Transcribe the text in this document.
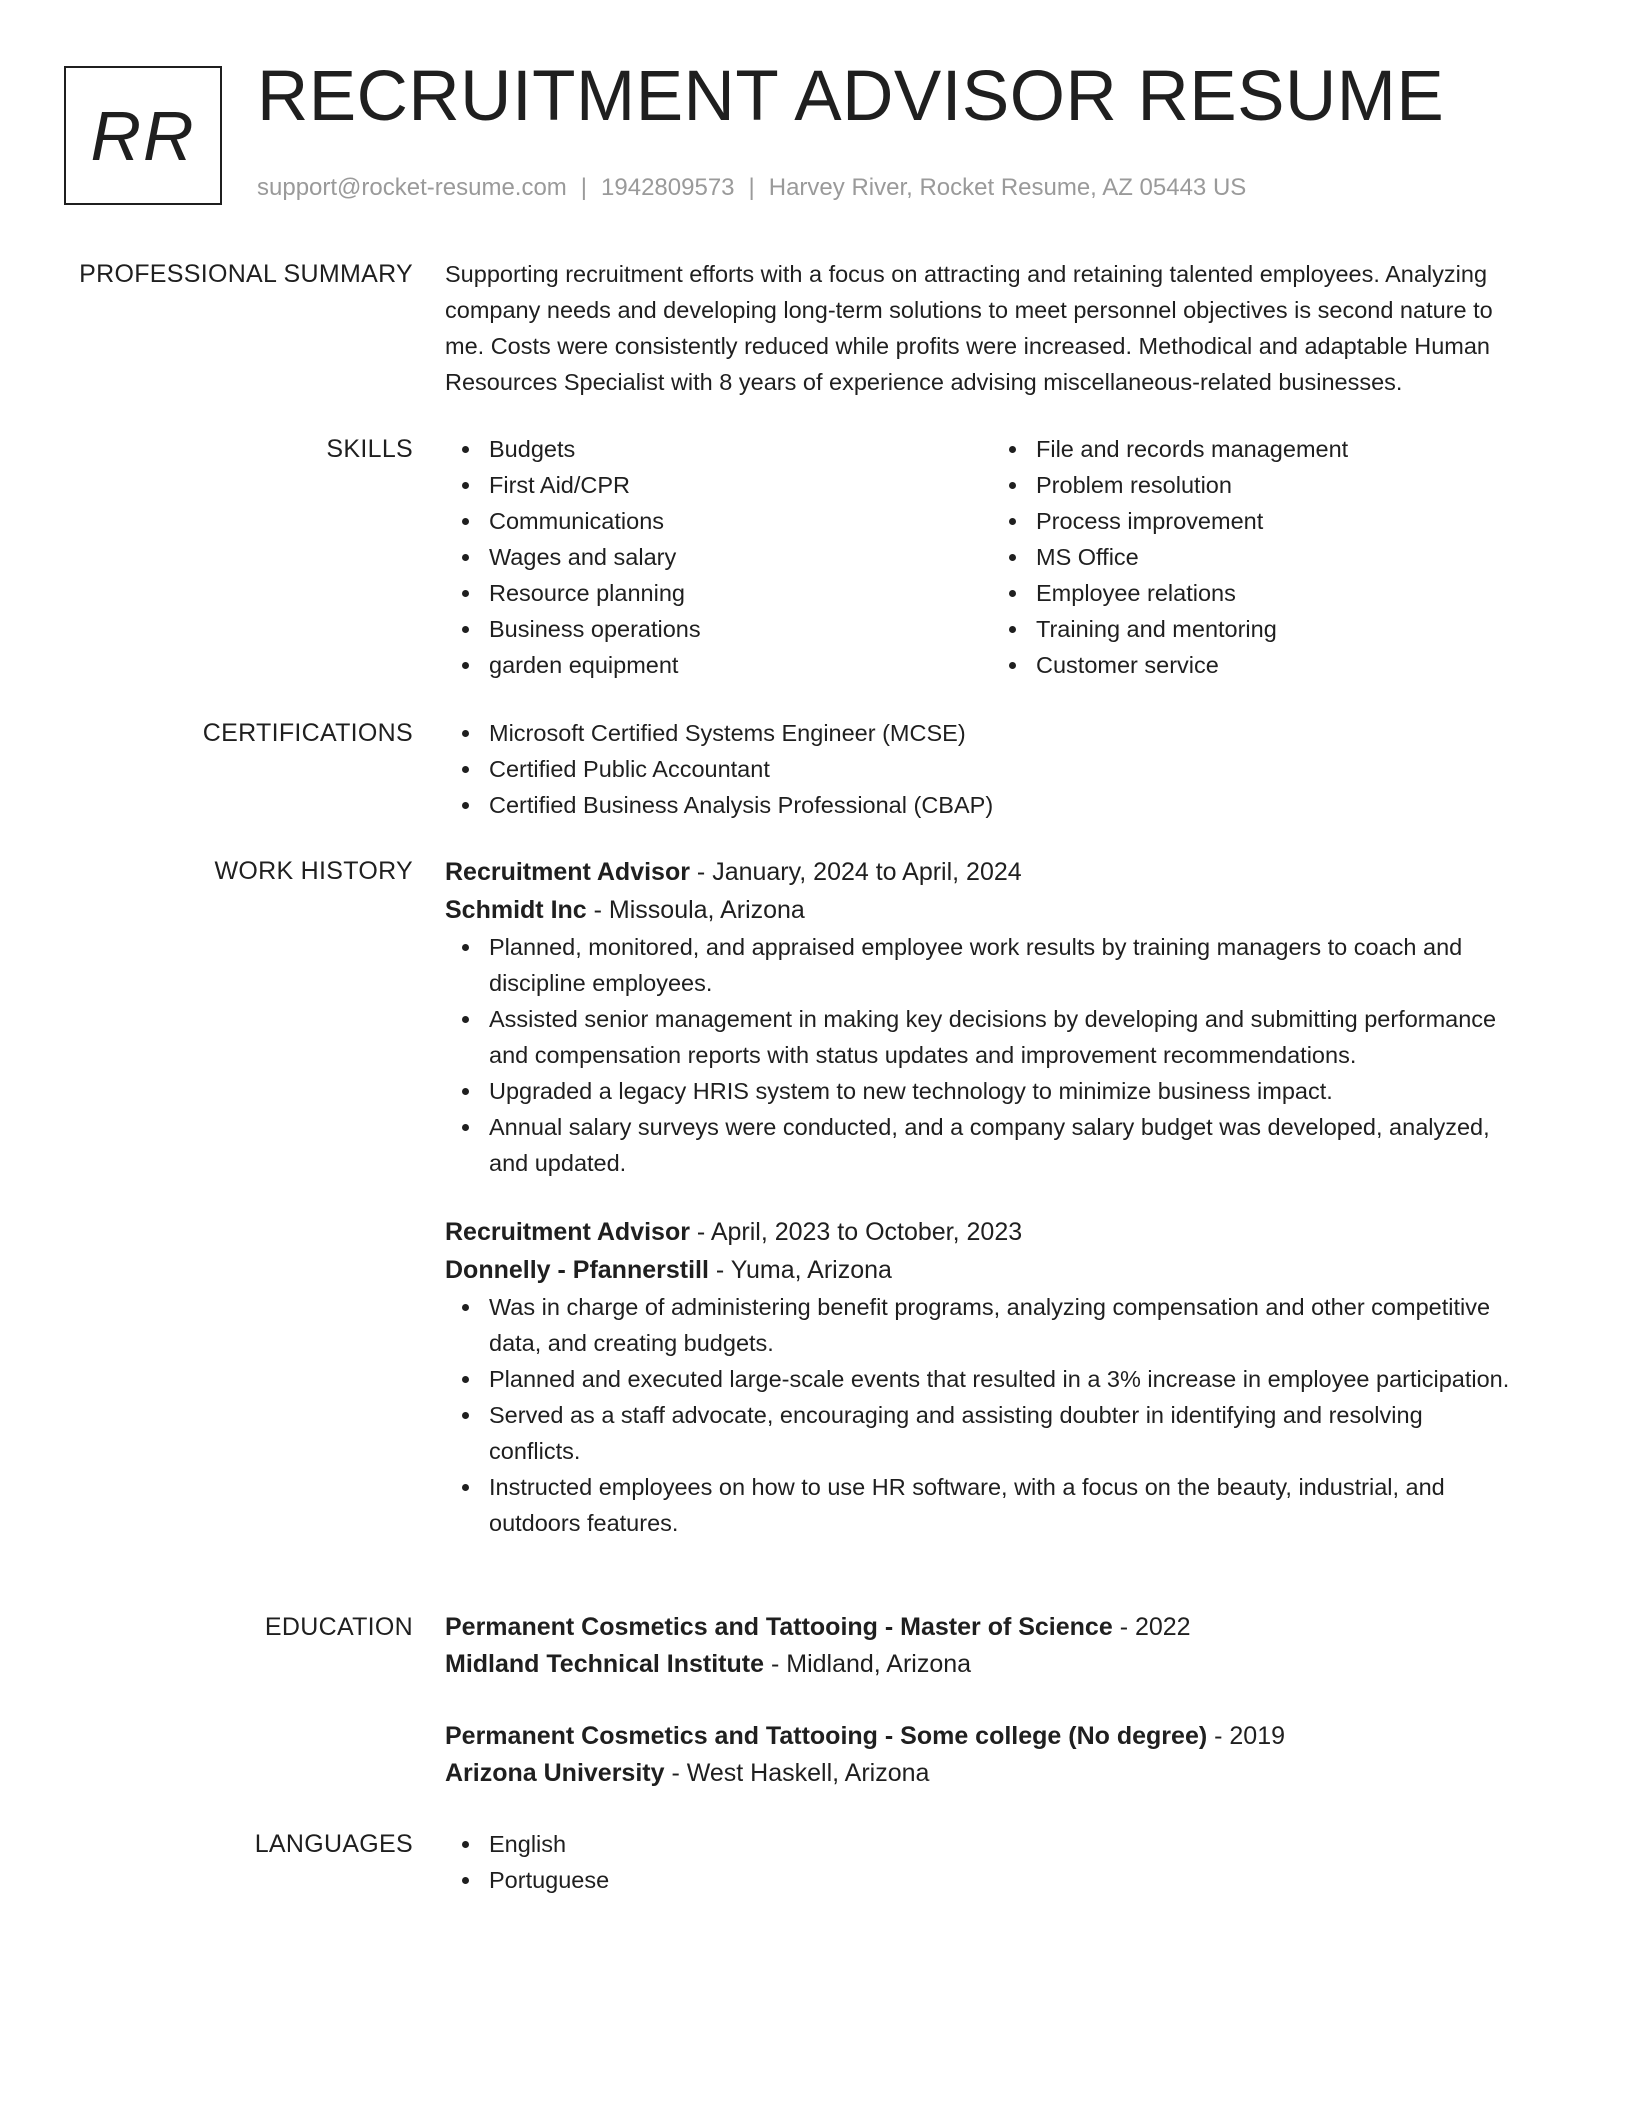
RR RECRUITMENT ADVISOR RESUME
support@rocket-resume.com | 1942809573 | Harvey River, Rocket Resume, AZ 05443 US
PROFESSIONAL SUMMARY Supporting recruitment efforts with a focus on attracting and retaining talented employees. Analyzing
company needs and developing long-term solutions to meet personnel objectives is second nature to
me. Costs were consistently reduced while profits were increased. Methodical and adaptable Human
Resources Specialist with 8 years of experience advising miscellaneous-related businesses.
SKILLS	Budgets
First Aid/CPR
Communications
Wages and salary
Resource planning
Business operations
garden equipment
File and records management
Problem resolution
Process improvement
MS Office
Employee relations
Training and mentoring
Customer service
CERTIFICATIONS	Microsoft Certified Systems Engineer (MCSE)
Certified Public Accountant
Certified Business Analysis Professional (CBAP)
WORK HISTORY Recruitment Advisor - January, 2024 to April, 2024
Schmidt Inc - Missoula, Arizona
Planned, monitored, and appraised employee work results by training managers to coach and
discipline employees.
Assisted senior management in making key decisions by developing and submitting performance
and compensation reports with status updates and improvement recommendations.
Upgraded a legacy HRIS system to new technology to minimize business impact.
Annual salary surveys were conducted, and a company salary budget was developed, analyzed,
and updated.
Recruitment Advisor - April, 2023 to October, 2023
Donnelly - Pfannerstill - Yuma, Arizona
Was in charge of administering benefit programs, analyzing compensation and other competitive
data, and creating budgets.
Planned and executed large-scale events that resulted in a 3% increase in employee participation.
Served as a staff advocate, encouraging and assisting doubter in identifying and resolving
conflicts.
Instructed employees on how to use HR software, with a focus on the beauty, industrial, and
outdoors features.
EDUCATION Permanent Cosmetics and Tattooing - Master of Science - 2022
Midland Technical Institute - Midland, Arizona
Permanent Cosmetics and Tattooing - Some college (No degree) - 2019
Arizona University - West Haskell, Arizona
LANGUAGES	English
Portuguese
